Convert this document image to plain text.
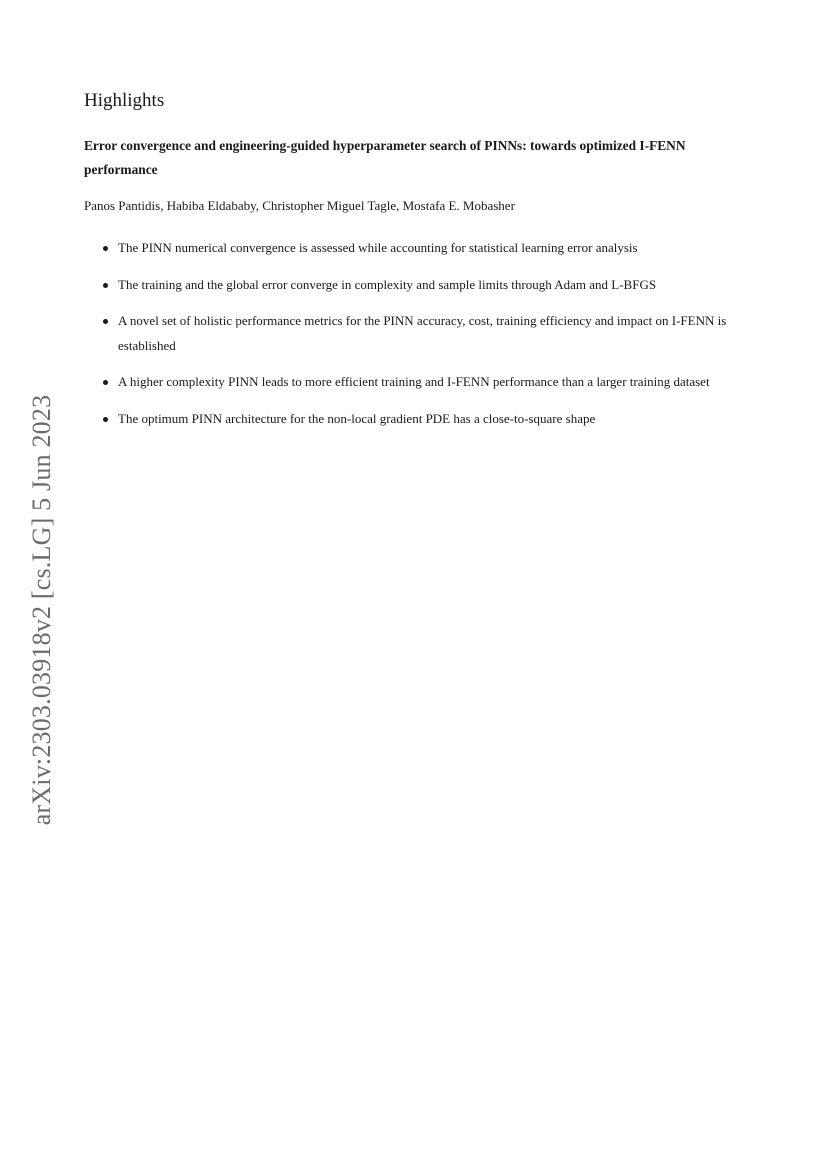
arXiv:2303.03918v2 [cs.LG] 5 Jun 2023
Highlights
Error convergence and engineering-guided hyperparameter search of PINNs: towards optimized I-FENN performance
Panos Pantidis, Habiba Eldababy, Christopher Miguel Tagle, Mostafa E. Mobasher
The PINN numerical convergence is assessed while accounting for statistical learning error analysis
The training and the global error converge in complexity and sample limits through Adam and L-BFGS
A novel set of holistic performance metrics for the PINN accuracy, cost, training efficiency and impact on I-FENN is established
A higher complexity PINN leads to more efficient training and I-FENN performance than a larger training dataset
The optimum PINN architecture for the non-local gradient PDE has a close-to-square shape
